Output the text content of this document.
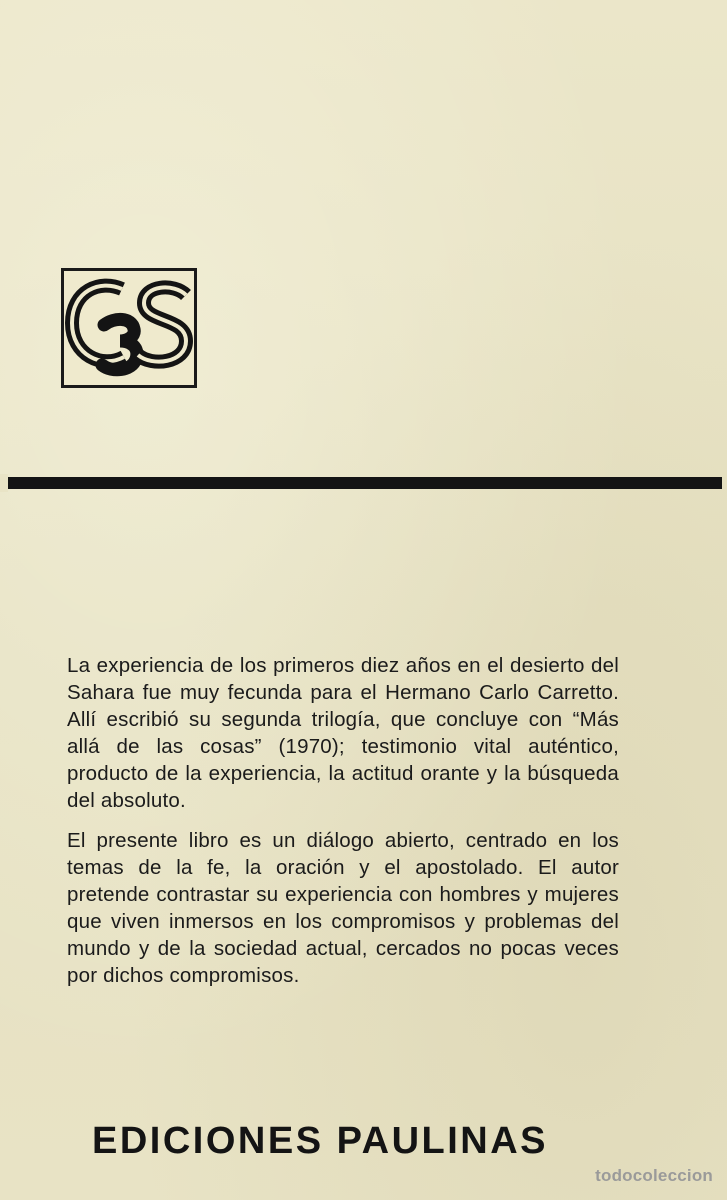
La experiencia de los primeros diez años en el desierto del Sahara fue muy fecunda para el Hermano Carlo Carretto. Allí escribió su segunda trilogía, que concluye con “Más allá de las cosas” (1970); testimonio vital auténtico, producto de la experiencia, la actitud orante y la búsqueda del absoluto.

El presente libro es un diálogo abierto, centrado en los temas de la fe, la oración y el apostolado. El autor pretende contrastar su experiencia con hombres y mujeres que viven inmersos en los compromisos y problemas del mundo y de la sociedad actual, cercados no pocas veces por dichos compromisos.

EDICIONES PAULINAS
todocoleccion
